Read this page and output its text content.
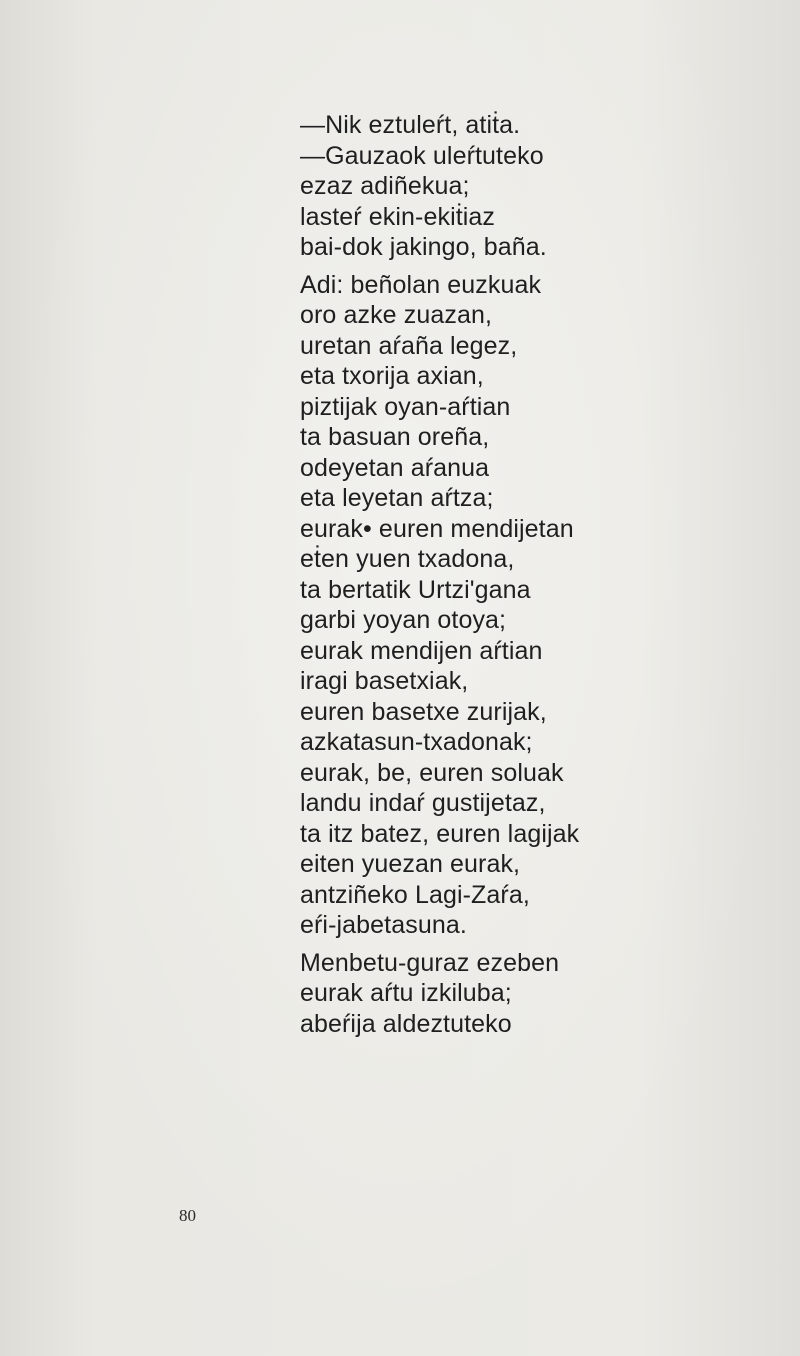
—Nik eztuleŕt, atiṫa.
—Gauzaok uleŕtuteko
ezaz adiñekua;
lasteŕ ekin-ekiṫiaz
bai-dok jakingo, baña.
Adi: beñolan euzkuak
oro azke zuazan,
uretan aŕaña legez,
eta txorija axian,
piztijak oyan-aŕtian
ta basuan oreña,
odeyetan aŕanua
eta leyetan aŕtza;
eurak• euren mendijetan
eṫen yuen txadona,
ta bertatik Urtzi'gana
garbi yoyan otoya;
eurak mendijen aŕtian
iragi basetxiak,
euren basetxe zurijak,
azkatasun-txadonak;
eurak, be, euren soluak
landu indaŕ gustijetaz,
ta itz batez, euren lagijak
eiten yuezan eurak,
antziñeko Lagi-Zaŕa,
eŕi-jabetasuna.
Menbetu-guraz ezeben
eurak aŕtu izkiluba;
abeŕija aldeztuteko
80
